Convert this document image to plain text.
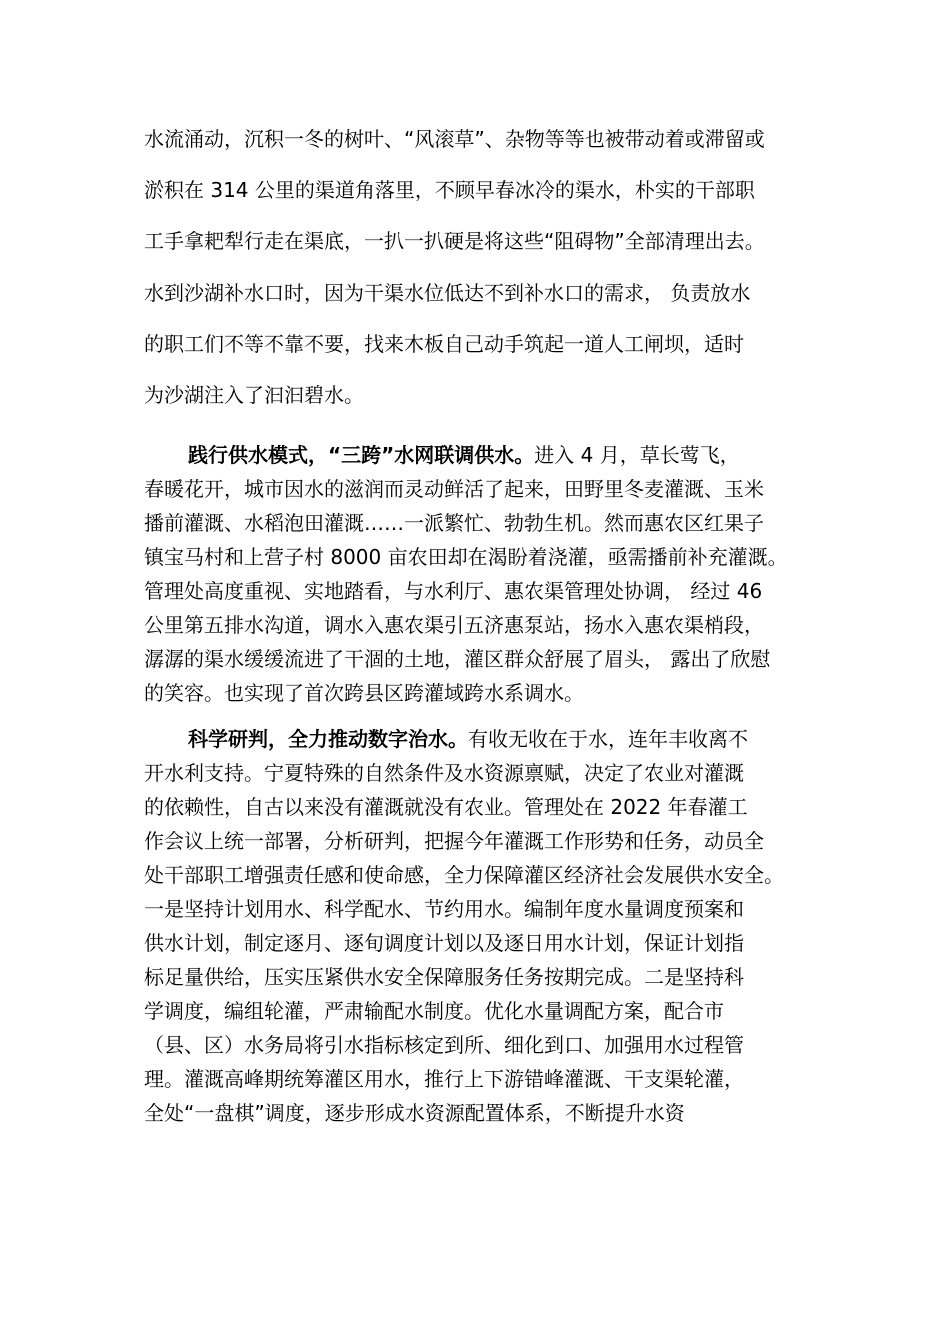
水流涌动，沉积一冬的树叶、“风滚草”、杂物等等也被带动着或滞留或
淤积在 314 公里的渠道角落里，不顾早春冰冷的渠水，朴实的干部职
工手拿耙犁行走在渠底，一扒一扒硬是将这些“阻碍物”全部清理出去。
水到沙湖补水口时，因为干渠水位低达不到补水口的需求， 负责放水
的职工们不等不靠不要，找来木板自己动手筑起一道人工闸坝，适时
为沙湖注入了汩汩碧水。
践行供水模式，“三跨”水网联调供水。进入 4 月，草长莺飞，
春暖花开，城市因水的滋润而灵动鲜活了起来，田野里冬麦灌溉、玉米
播前灌溉、水稻泡田灌溉……一派繁忙、勃勃生机。然而惠农区红果子
镇宝马村和上营子村 8000 亩农田却在渴盼着浇灌，亟需播前补充灌溉。
管理处高度重视、实地踏看，与水利厅、惠农渠管理处协调， 经过 46
公里第五排水沟道，调水入惠农渠引五济惠泵站，扬水入惠农渠梢段，
潺潺的渠水缓缓流进了干涸的土地，灌区群众舒展了眉头， 露出了欣慰
的笑容。也实现了首次跨县区跨灌域跨水系调水。
科学研判，全力推动数字治水。有收无收在于水，连年丰收离不
开水利支持。宁夏特殊的自然条件及水资源禀赋，决定了农业对灌溉
的依赖性，自古以来没有灌溉就没有农业。管理处在 2022 年春灌工
作会议上统一部署，分析研判，把握今年灌溉工作形势和任务，动员全
处干部职工增强责任感和使命感，全力保障灌区经济社会发展供水安全。
一是坚持计划用水、科学配水、节约用水。编制年度水量调度预案和
供水计划，制定逐月、逐旬调度计划以及逐日用水计划，保证计划指
标足量供给，压实压紧供水安全保障服务任务按期完成。二是坚持科
学调度，编组轮灌，严肃输配水制度。优化水量调配方案，配合市
（县、区）水务局将引水指标核定到所、细化到口、加强用水过程管
理。灌溉高峰期统筹灌区用水，推行上下游错峰灌溉、干支渠轮灌，
全处“一盘棋”调度，逐步形成水资源配置体系，不断提升水资
